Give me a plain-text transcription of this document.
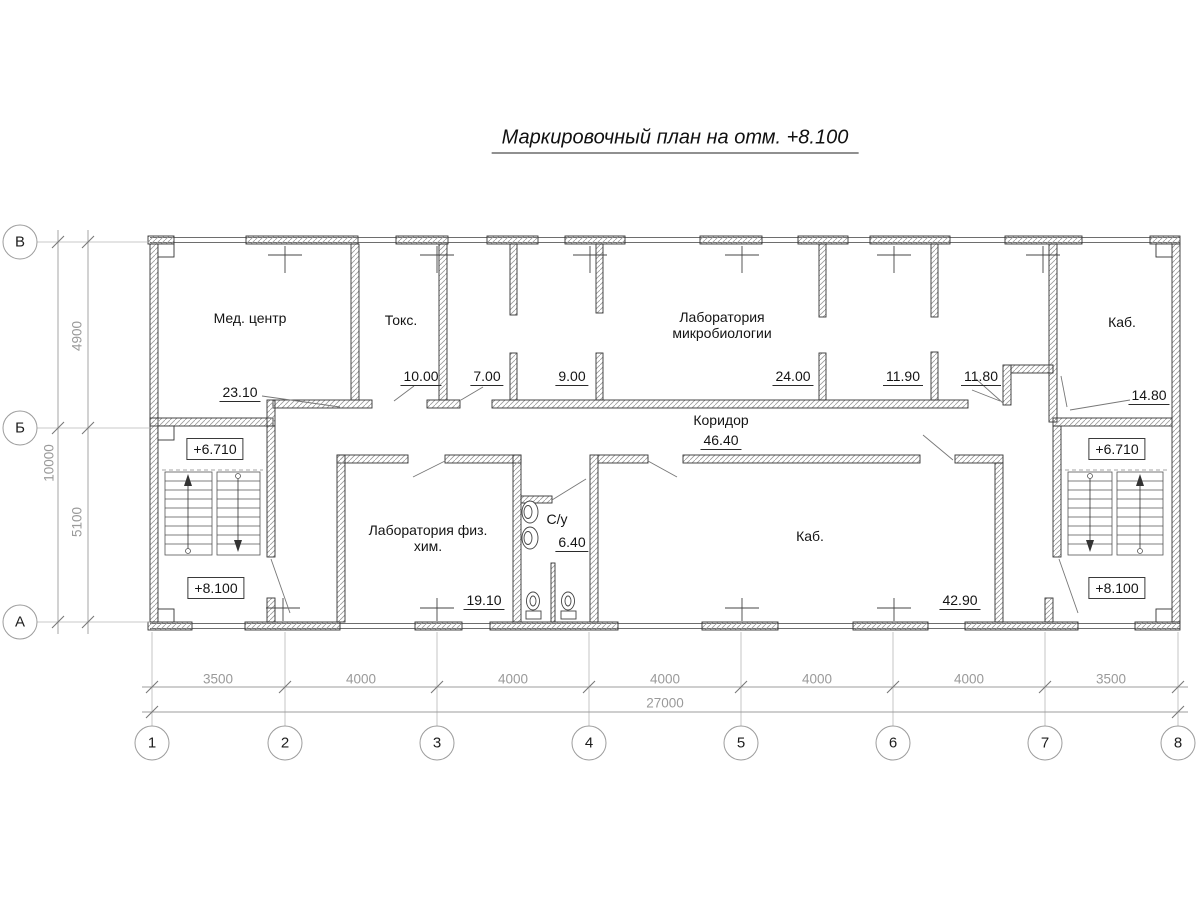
Маркировочный план на отм. +8.100
Мед. центр	Токс.	Лаборатория микробиологии
Каб.
Коридор
Лаборатория физ. хим.
С/у
Каб.
23.10
10.00 7.00	9.00	24.00	11.90	11.80
14.80
46.40
19.10
6.40
42.90
+6.710
+8.100
+6.710
+8.100
В
Б
А
1	2	3	4	5	6	7	8
3500	4000	4000	4000	4000	4000	3500
27000
4900
5100
10000
